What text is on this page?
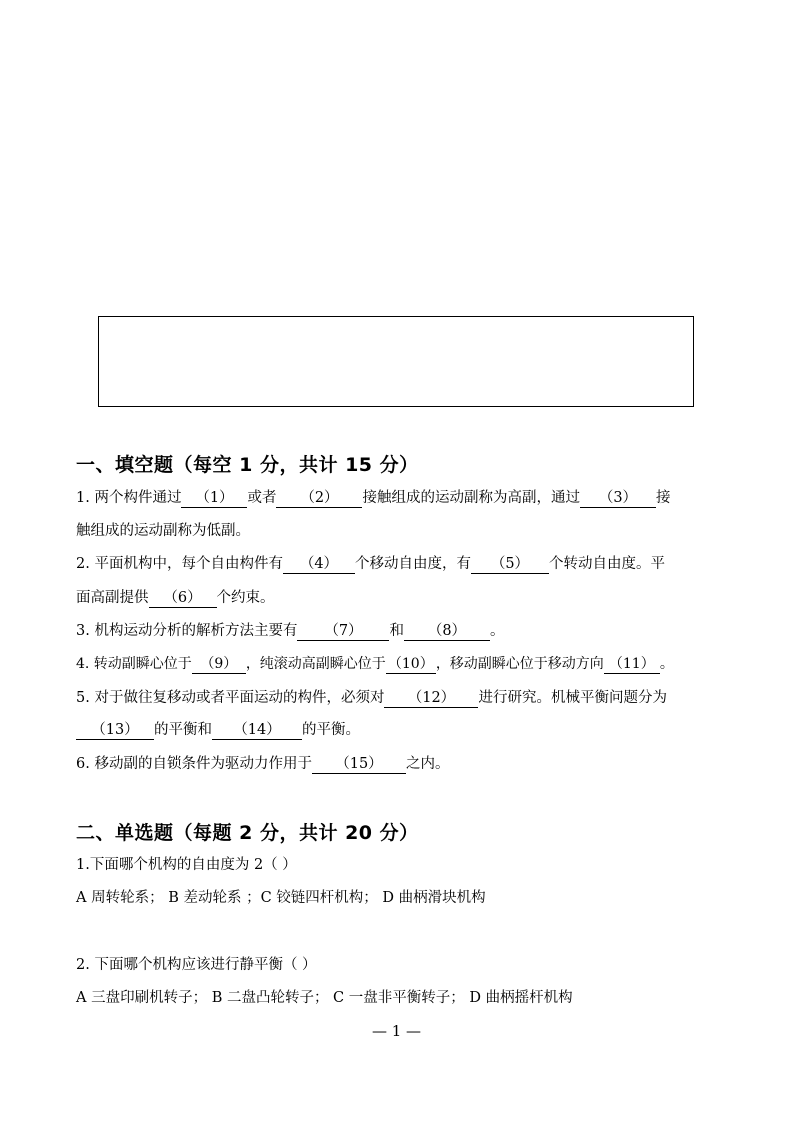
一、填空题（每空 1 分，共计 15 分）
1. 两个构件通过 （1） 或者 （2） 接触组成的运动副称为高副，通过 （3） 接
触组成的运动副称为低副。
2. 平面机构中，每个自由构件有 （4） 个移动自由度，有 （5） 个转动自由度。平
面高副提供 （6） 个约束。
3. 机构运动分析的解析方法主要有 （7） 和 （8） 。
4. 转动副瞬心位于 （9） ，纯滚动高副瞬心位于 （10） ，移动副瞬心位于移动方向 （11） 。
5. 对于做往复移动或者平面运动的构件，必须对 （12） 进行研究。机械平衡问题分为
（13） 的平衡和 （14） 的平衡。
6. 移动副的自锁条件为驱动力作用于 （15） 之内。
二、单选题（每题 2 分，共计 20 分）
1.下面哪个机构的自由度为 2（ ）
A 周转轮系； B 差动轮系 ；C 铰链四杆机构； D 曲柄滑块机构
2. 下面哪个机构应该进行静平衡（ ）
A 三盘印刷机转子； B 二盘凸轮转子； C 一盘非平衡转子； D 曲柄摇杆机构
— 1 —
